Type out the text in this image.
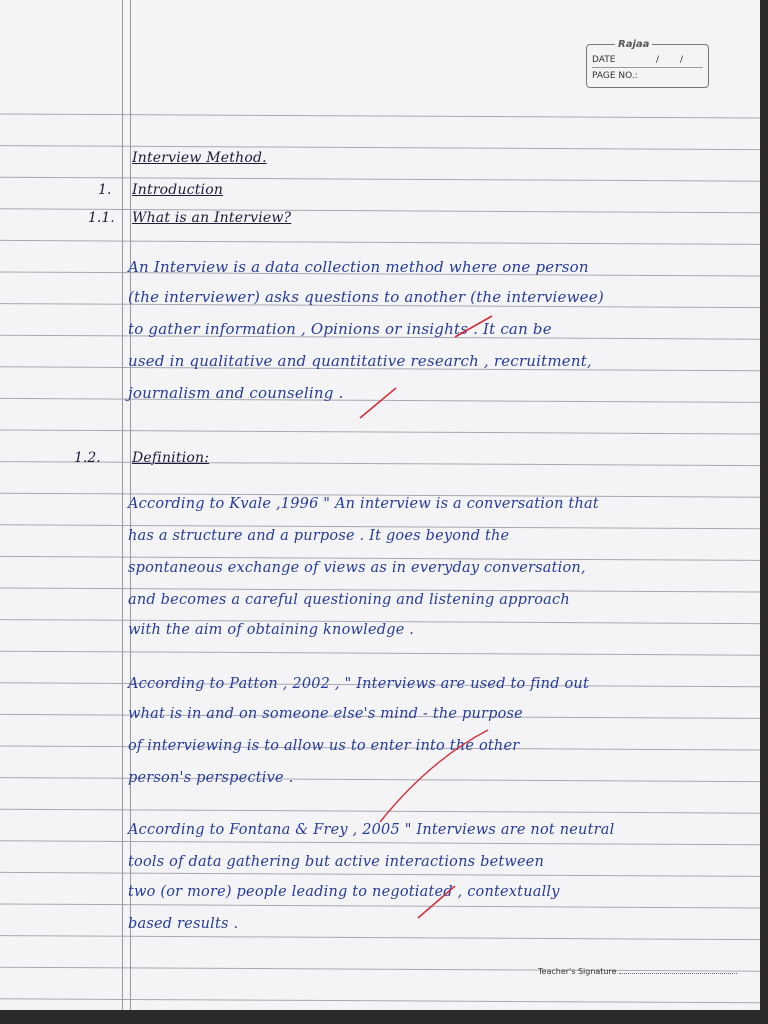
Rajaa
DATE	/ /
PAGE NO.:
Interview Method.
1. Introduction
1.1. What is an Interview?
An Interview is a data collection method where one person
(the interviewer) asks questions to another (the interviewee)
to gather information , Opinions or insights . It can be
used in qualitative and quantitative research , recruitment,
journalism and counseling .
1.2. Definition:
According to Kvale ,1996 " An interview is a conversation that
has a structure and a purpose . It goes beyond the
spontaneous exchange of views as in everyday conversation,
and becomes a careful questioning and listening approach
with the aim of obtaining knowledge .
According to Patton , 2002 , " Interviews are used to find out
what is in and on someone else's mind - the purpose
of interviewing is to allow us to enter into the other
person's perspective .
According to Fontana & Frey , 2005 " Interviews are not neutral
tools of data gathering but active interactions between
two (or more) people leading to negotiated , contextually
based results .
Teacher's Signature
